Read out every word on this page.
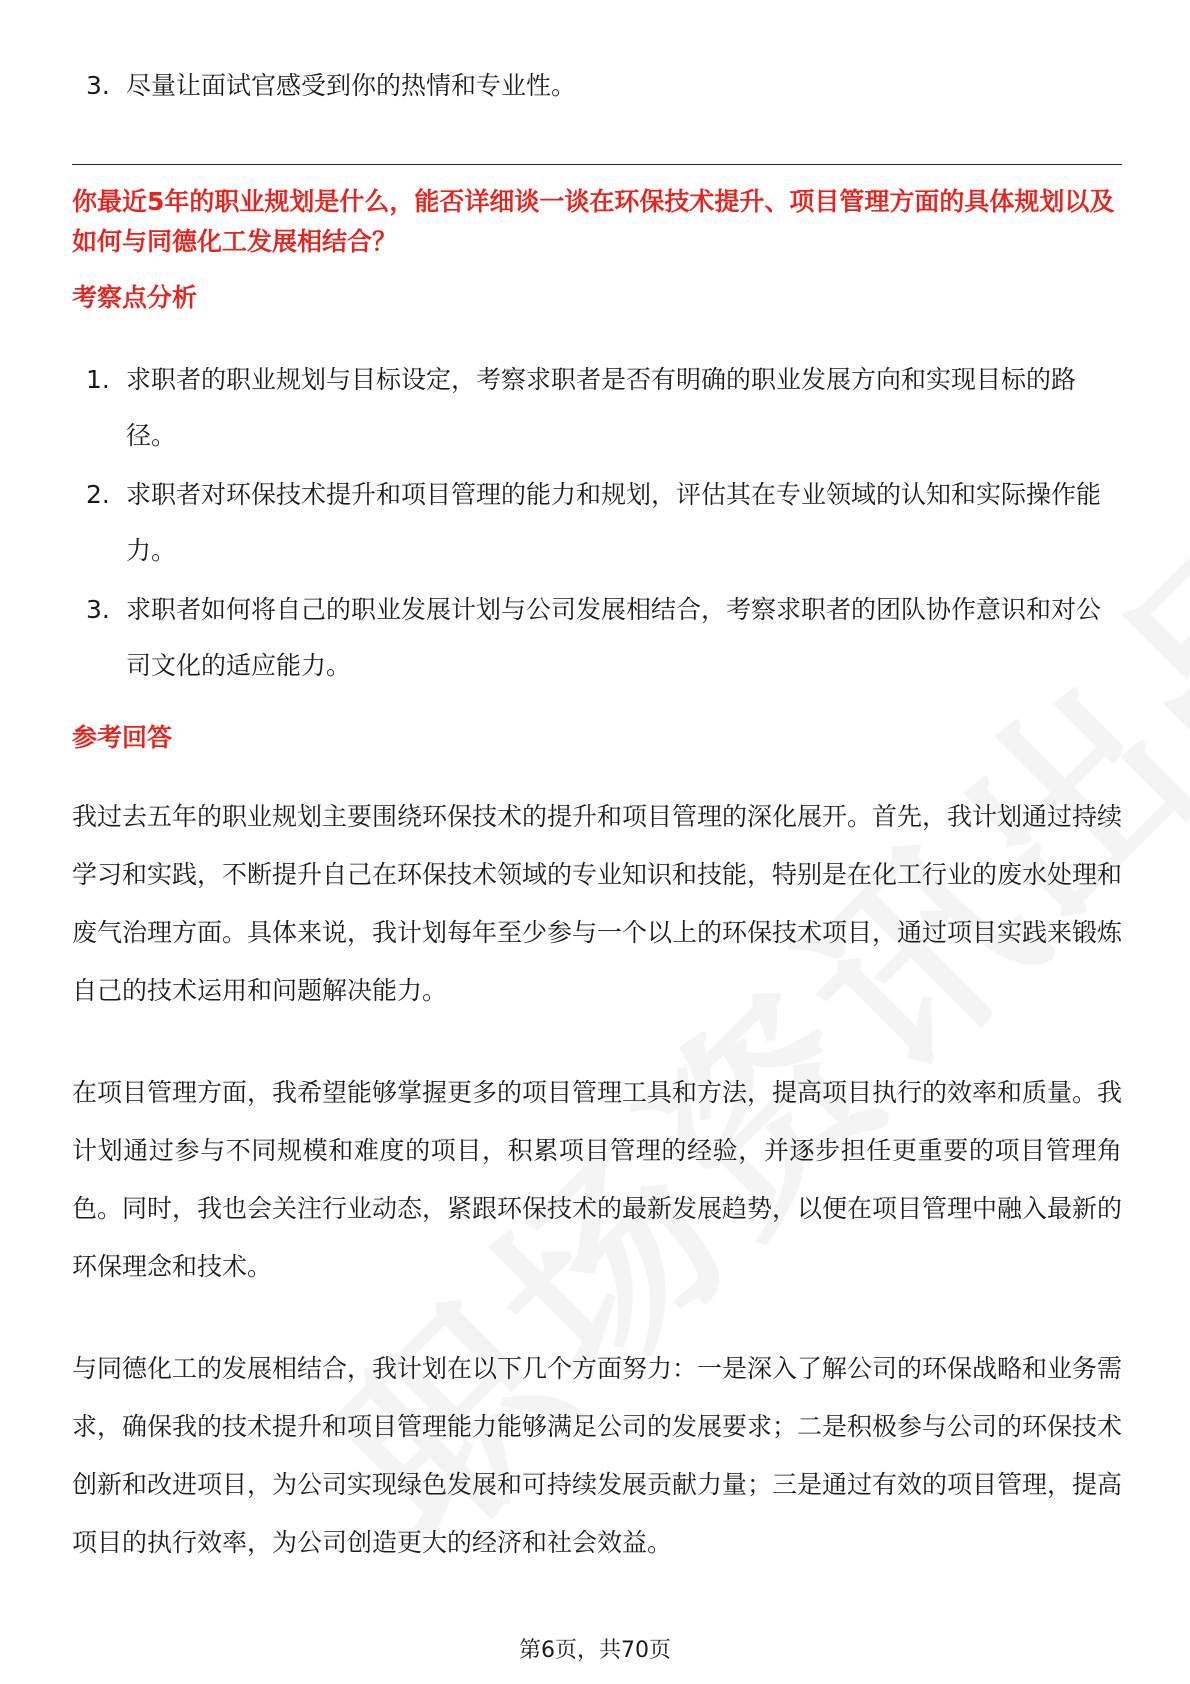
3. 尽量让面试官感受到你的热情和专业性。
你最近5年的职业规划是什么，能否详细谈一谈在环保技术提升、项目管理方面的具体规划以及如何与同德化工发展相结合？
考察点分析
1. 求职者的职业规划与目标设定，考察求职者是否有明确的职业发展方向和实现目标的路径。
2. 求职者对环保技术提升和项目管理的能力和规划，评估其在专业领域的认知和实际操作能力。
3. 求职者如何将自己的职业发展计划与公司发展相结合，考察求职者的团队协作意识和对公司文化的适应能力。
参考回答

我过去五年的职业规划主要围绕环保技术的提升和项目管理的深化展开。首先，我计划通过持续学习和实践，不断提升自己在环保技术领域的专业知识和技能，特别是在化工行业的废水处理和废气治理方面。具体来说，我计划每年至少参与一个以上的环保技术项目，通过项目实践来锻炼自己的技术运用和问题解决能力。

在项目管理方面，我希望能够掌握更多的项目管理工具和方法，提高项目执行的效率和质量。我计划通过参与不同规模和难度的项目，积累项目管理的经验，并逐步担任更重要的项目管理角色。同时，我也会关注行业动态，紧跟环保技术的最新发展趋势，以便在项目管理中融入最新的环保理念和技术。

与同德化工的发展相结合，我计划在以下几个方面努力：一是深入了解公司的环保战略和业务需求，确保我的技术提升和项目管理能力能够满足公司的发展要求；二是积极参与公司的环保技术创新和改进项目，为公司实现绿色发展和可持续发展贡献力量；三是通过有效的项目管理，提高项目的执行效率，为公司创造更大的经济和社会效益。

第6页，共70页
